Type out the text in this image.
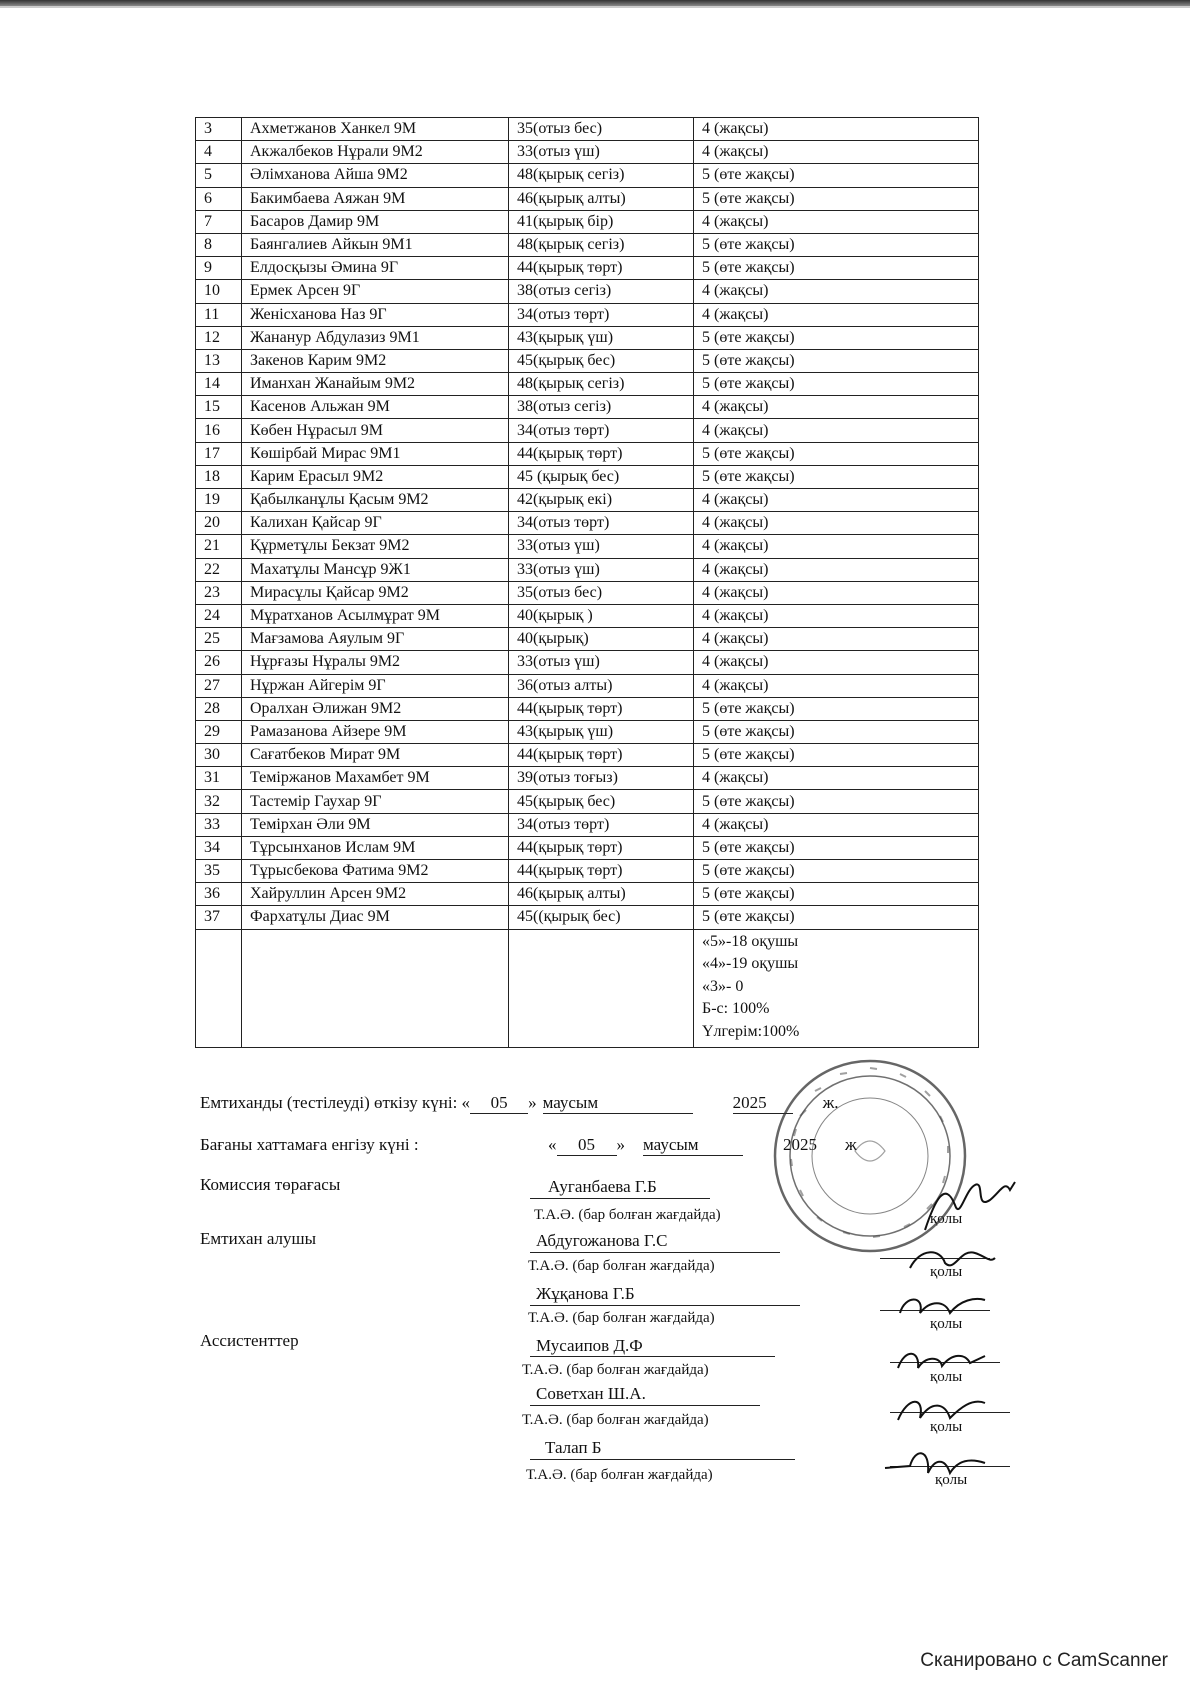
3	Ахметжанов Ханкел 9М	35(отыз бес)	4 (жақсы)
4	Акжалбеков Нұрали 9М2	33(отыз үш)	4 (жақсы)
5	Әлімханова Айша 9М2	48(қырық сегіз)	5 (өте жақсы)
6	Бакимбаева Аяжан 9М	46(қырық алты)	5 (өте жақсы)
7	Басаров Дамир 9М	41(қырық бір)	4 (жақсы)
8	Баянгалиев Айкын 9М1	48(қырық сегіз)	5 (өте жақсы)
9	Елдосқызы Әмина 9Г	44(қырық төрт)	5 (өте жақсы)
10	Ермек Арсен 9Г	38(отыз сегіз)	4 (жақсы)
11	Женісханова Наз 9Г	34(отыз төрт)	4 (жақсы)
12	Жанануp Абдулазиз 9М1	43(қырық үш)	5 (өте жақсы)
13	Закенов Карим 9М2	45(қырық бес)	5 (өте жақсы)
14	Иманхан Жанайым 9М2	48(қырық сегіз)	5 (өте жақсы)
15	Касенов Альжан 9М	38(отыз сегіз)	4 (жақсы)
16	Көбен Нұрасыл 9М	34(отыз төрт)	4 (жақсы)
17	Көшірбай Мирас 9М1	44(қырық төрт)	5 (өте жақсы)
18	Карим Ерасыл 9М2	45 (қырық бес)	5 (өте жақсы)
19	Қабылканұлы Қасым 9М2	42(қырық екі)	4 (жақсы)
20	Калихан Қайсар 9Г	34(отыз төрт)	4 (жақсы)
21	Құрметұлы Бекзат 9М2	33(отыз үш)	4 (жақсы)
22	Махатұлы Мансұр 9Ж1	33(отыз үш)	4 (жақсы)
23	Мирасұлы Қайсар 9М2	35(отыз бес)	4 (жақсы)
24	Мұратханов Асылмұрат 9М	40(қырық )	4 (жақсы)
25	Мағзамова Аяулым 9Г	40(қырық)	4 (жақсы)
26	Нұрғазы Нұралы 9М2	33(отыз үш)	4 (жақсы)
27	Нұржан Айгерім 9Г	36(отыз алты)	4 (жақсы)
28	Оралхан Әлижан 9М2	44(қырық төрт)	5 (өте жақсы)
29	Рамазанова Айзере 9М	43(қырық үш)	5 (өте жақсы)
30	Сағатбеков Мират 9М	44(қырық төрт)	5 (өте жақсы)
31	Теміржанов Махамбет 9М	39(отыз тоғыз)	4 (жақсы)
32	Тастемір Гаухар 9Г	45(қырық бес)	5 (өте жақсы)
33	Темірхан Әли 9М	34(отыз төрт)	4 (жақсы)
34	Тұрсынханов Ислам 9М	44(қырық төрт)	5 (өте жақсы)
35	Тұрысбекова Фатима 9М2	44(қырық төрт)	5 (өте жақсы)
36	Хайруллин Арсен 9М2	46(қырық алты)	5 (өте жақсы)
37	Фархатұлы Диас 9М	45((қырық бес)	5 (өте жақсы)

			«5»-18 оқушы
«4»-19 оқушы
«3»- 0
Б-с: 100%
Үлгерім:100%
Емтиханды (тестілеуді) өткізу күні: « 05 » маусым	2025	ж.
Бағаны хаттамаға енгізу күні :	« 05 » маусым	2025 ж
Комиссия төрағасы	Ауганбаева Г.Б
Т.А.Ә. (бар болған жағдайда)	қолы
Емтихан алушы	Абдугожанова Г.С
Т.А.Ә. (бар болған жағдайда)	қолы
Жұқанова Г.Б
Т.А.Ә. (бар болған жағдайда)	қолы
Ассистенттер	Мусаипов Д.Ф
Т.А.Ә. (бар болған жағдайда)	қолы
Советхан Ш.А.
Т.А.Ә. (бар болған жағдайда)	қолы
Талап Б
Т.А.Ә. (бар болған жағдайда)	қолы
Сканировано с CamScanner
